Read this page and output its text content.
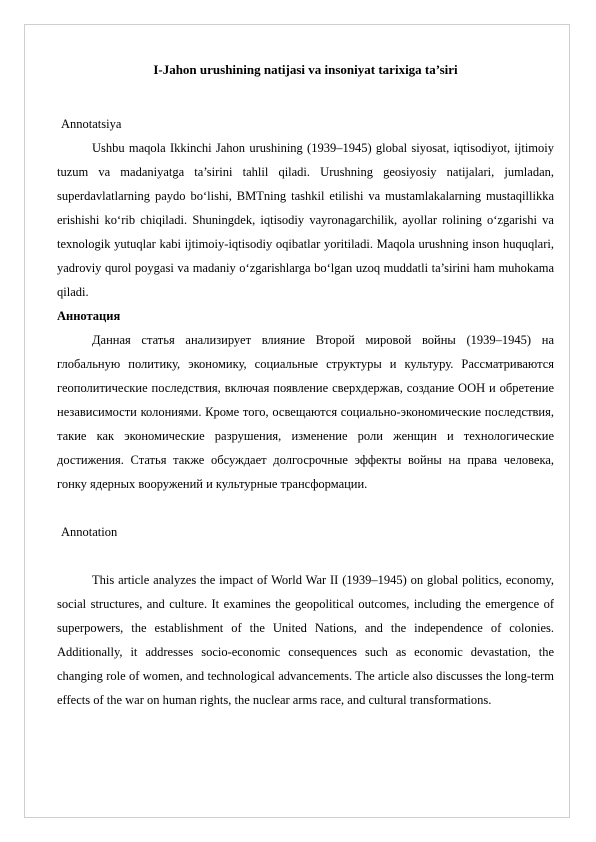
I-Jahon urushining natijasi va insoniyat tarixiga ta’siri

Annotatsiya

Ushbu maqola Ikkinchi Jahon urushining (1939–1945) global siyosat, iqtisodiyot, ijtimoiy tuzum va madaniyatga ta’sirini tahlil qiladi. Urushning geosiyosiy natijalari, jumladan, superdavlatlarning paydo bo‘lishi, BMTning tashkil etilishi va mustamlakalarning mustaqillikka erishishi ko‘rib chiqiladi. Shuningdek, iqtisodiy vayronagarchilik, ayollar rolining o‘zgarishi va texnologik yutuqlar kabi ijtimoiy-iqtisodiy oqibatlar yoritiladi. Maqola urushning inson huquqlari, yadroviy qurol poygasi va madaniy o‘zgarishlarga bo‘lgan uzoq muddatli ta’sirini ham muhokama qiladi.

Аннотация

Данная статья анализирует влияние Второй мировой войны (1939–1945) на глобальную политику, экономику, социальные структуры и культуру. Рассматриваются геополитические последствия, включая появление сверхдержав, создание ООН и обретение независимости колониями. Кроме того, освещаются социально-экономические последствия, такие как экономические разрушения, изменение роли женщин и технологические достижения. Статья также обсуждает долгосрочные эффекты войны на права человека, гонку ядерных вооружений и культурные трансформации.

Annotation

This article analyzes the impact of World War II (1939–1945) on global politics, economy, social structures, and culture. It examines the geopolitical outcomes, including the emergence of superpowers, the establishment of the United Nations, and the independence of colonies. Additionally, it addresses socio-economic consequences such as economic devastation, the changing role of women, and technological advancements. The article also discusses the long-term effects of the war on human rights, the nuclear arms race, and cultural transformations.
